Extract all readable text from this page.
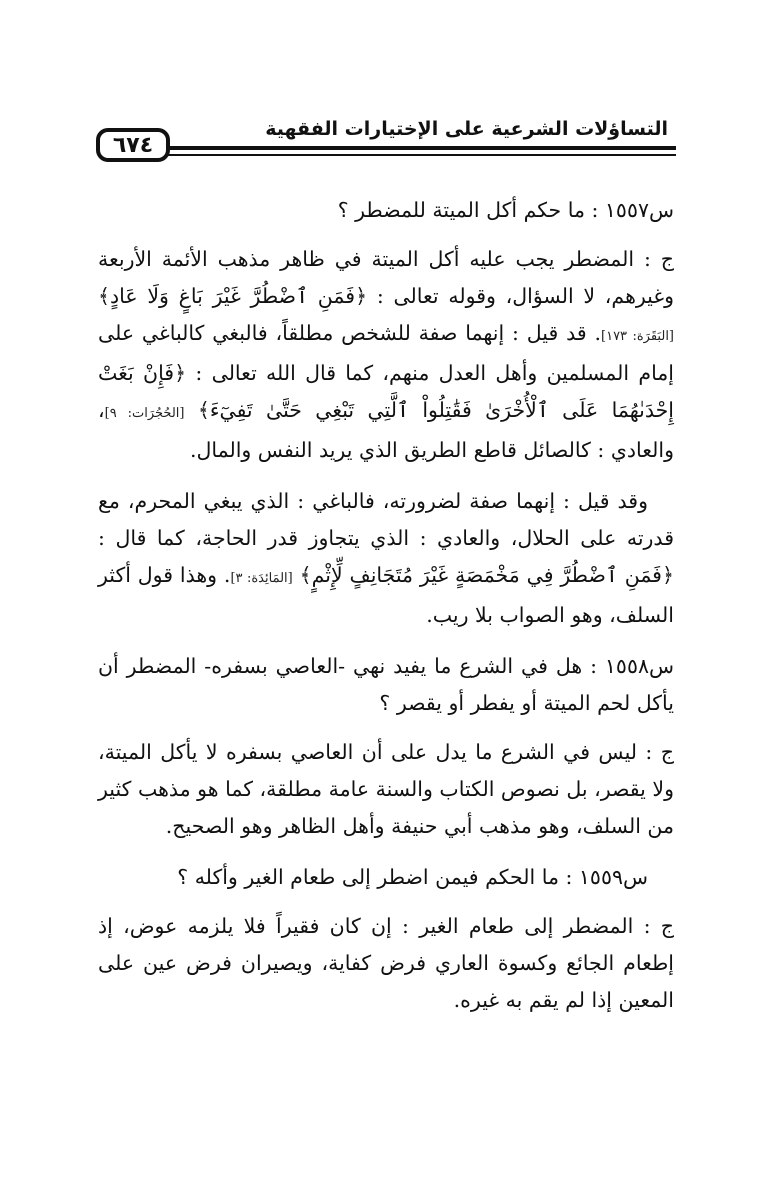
التساؤلات الشرعية على الإختيارات الفقهية
٦٧٤

س١٥٥٧ : ما حكم أكل الميتة للمضطر ؟

ج : المضطر يجب عليه أكل الميتة في ظاهر مذهب الأئمة الأربعة وغيرهم، لا السؤال، وقوله تعالى : ﴿فَمَنِ ٱضْطُرَّ غَيْرَ بَاغٍ وَلَا عَادٍ﴾ [البَقَرَة: ١٧٣]. قد قيل : إنهما صفة للشخص مطلقاً، فالبغي كالباغي على إمام المسلمين وأهل العدل منهم، كما قال الله تعالى : ﴿فَإِنْ بَغَتْ إِحْدَىٰهُمَا عَلَى ٱلْأُخْرَىٰ فَقَٰتِلُواْ ٱلَّتِي تَبْغِي حَتَّىٰ تَفِيٓءَ﴾ [الحُجُرَات: ٩]، والعادي : كالصائل قاطع الطريق الذي يريد النفس والمال.

وقد قيل : إنهما صفة لضرورته، فالباغي : الذي يبغي المحرم، مع قدرته على الحلال، والعادي : الذي يتجاوز قدر الحاجة، كما قال : ﴿فَمَنِ ٱضْطُرَّ فِي مَخْمَصَةٍ غَيْرَ مُتَجَانِفٍ لِّإِثْمٍ﴾ [المَائِدَة: ٣]. وهذا قول أكثر السلف، وهو الصواب بلا ريب.

س١٥٥٨ : هل في الشرع ما يفيد نهي -العاصي بسفره- المضطر أن يأكل لحم الميتة أو يفطر أو يقصر ؟

ج : ليس في الشرع ما يدل على أن العاصي بسفره لا يأكل الميتة، ولا يقصر، بل نصوص الكتاب والسنة عامة مطلقة، كما هو مذهب كثير من السلف، وهو مذهب أبي حنيفة وأهل الظاهر وهو الصحيح.

س١٥٥٩ : ما الحكم فيمن اضطر إلى طعام الغير وأكله ؟

ج : المضطر إلى طعام الغير : إن كان فقيراً فلا يلزمه عوض، إذ إطعام الجائع وكسوة العاري فرض كفاية، ويصيران فرض عين على المعين إذا لم يقم به غيره.
